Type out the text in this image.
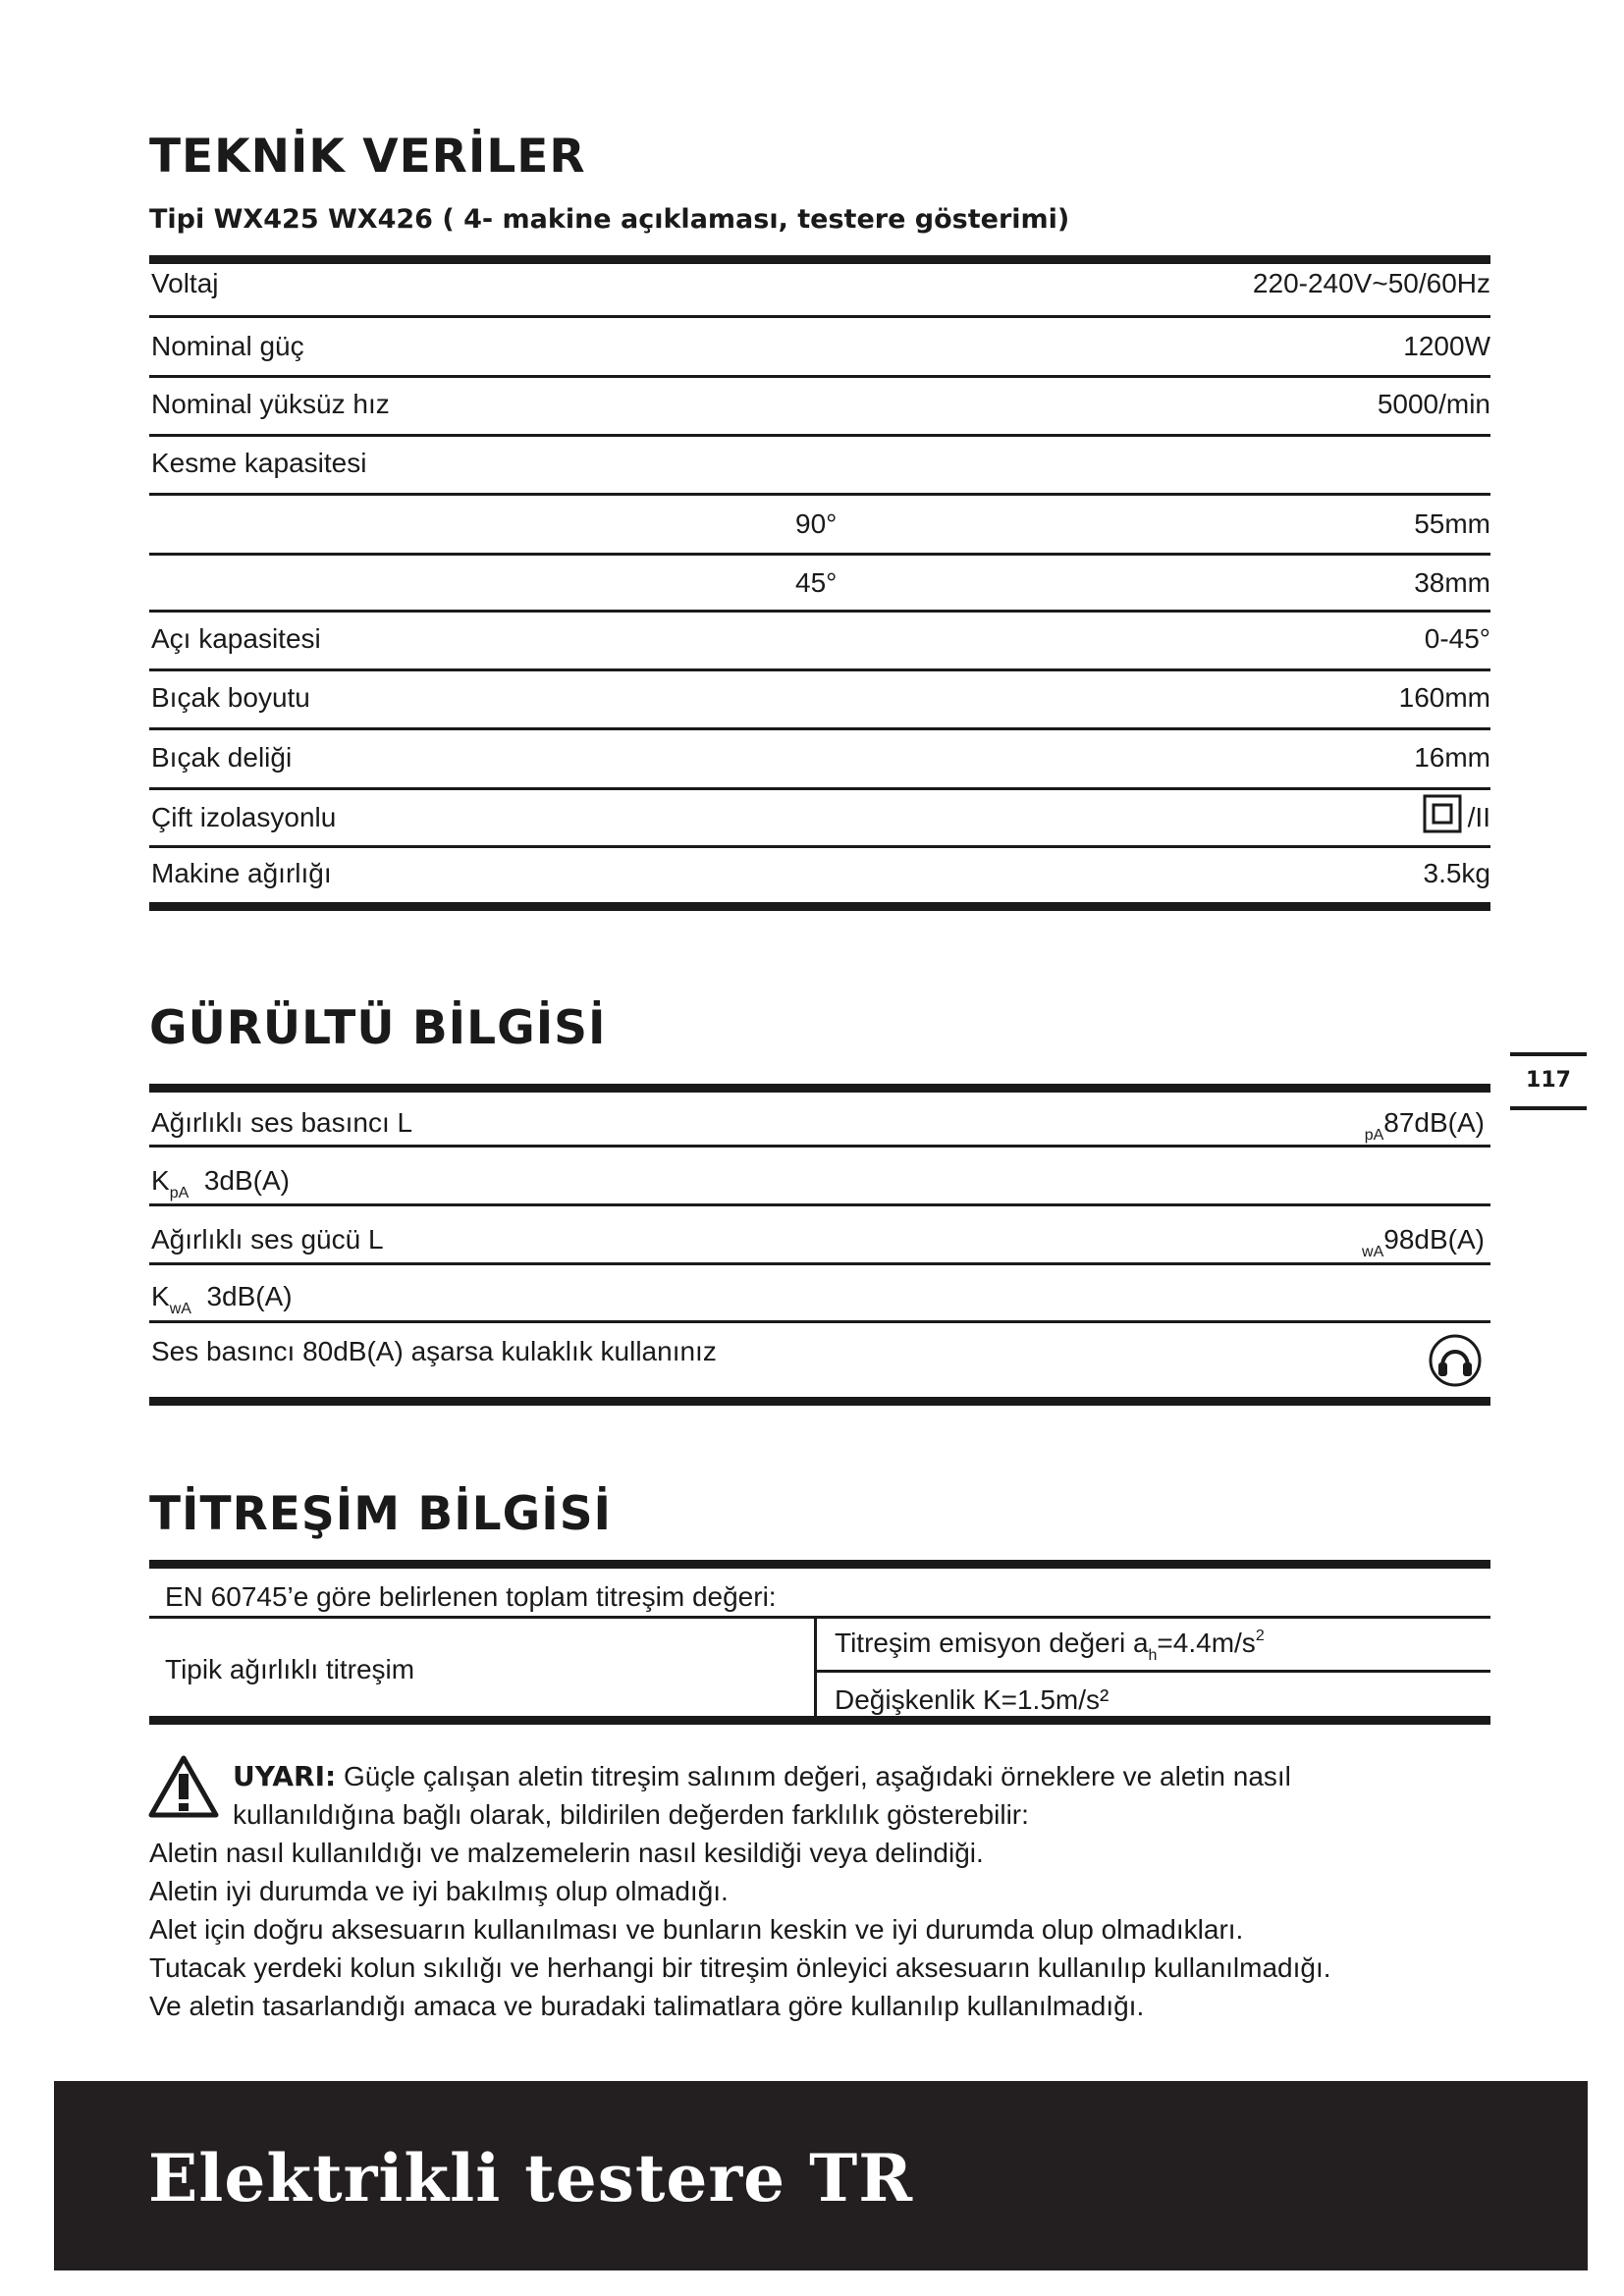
TEKNİK VERİLER
Tipi WX425 WX426 ( 4- makine açıklaması, testere gösterimi)
Voltaj	220-240V~50/60Hz
Nominal güç	1200W
Nominal yüksüz hız	5000/min
Kesme kapasitesi
90°	55mm
45°	38mm
Açı kapasitesi	0-45°
Bıçak boyutu	160mm
Bıçak deliği	16mm
Çift izolasyonlu	/II
Makine ağırlığı	3.5kg
GÜRÜLTÜ BİLGİSİ
117
Ağırlıklı ses basıncı L	$_{pA}$87dB(A)
$K_{pA}$ 3dB(A)
Ağırlıklı ses gücü L	$_{wA}$98dB(A)
$K_{wA}$ 3dB(A)
Ses basıncı 80dB(A) aşarsa kulaklık kullanınız
TİTREŞİM BİLGİSİ
EN 60745’e göre belirlenen toplam titreşim değeri:
Tipik ağırlıklı titreşim
Titreşim emisyon değeri $a_h=4.4m/s^2$
Değişkenlik K=1.5m/s²
UYARI: Güçle çalışan aletin titreşim salınım değeri, aşağıdaki örneklere ve aletin nasıl
kullanıldığına bağlı olarak, bildirilen değerden farklılık gösterebilir:
Aletin nasıl kullanıldığı ve malzemelerin nasıl kesildiği veya delindiği.
Aletin iyi durumda ve iyi bakılmış olup olmadığı.
Alet için doğru aksesuarın kullanılması ve bunların keskin ve iyi durumda olup olmadıkları.
Tutacak yerdeki kolun sıkılığı ve herhangi bir titreşim önleyici aksesuarın kullanılıp kullanılmadığı.
Ve aletin tasarlandığı amaca ve buradaki talimatlara göre kullanılıp kullanılmadığı.
Elektrikli testere TR
